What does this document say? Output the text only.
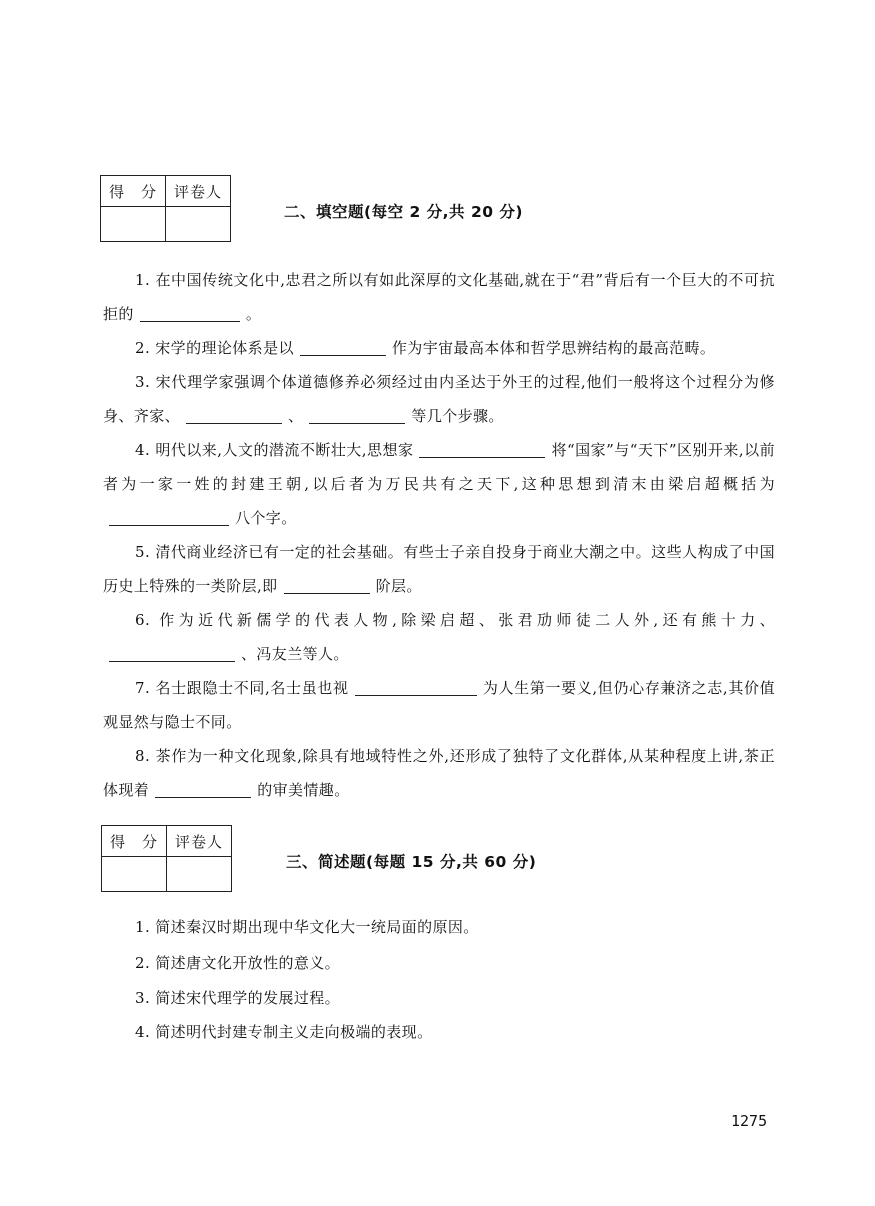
得　分	评卷人

二、填空题(每空 2 分,共 20 分)
1. 在中国传统文化中,忠君之所以有如此深厚的文化基础,就在于“君”背后有一个巨大的不可抗拒的	。
2. 宋学的理论体系是以	作为宇宙最高本体和哲学思辨结构的最高范畴。
3. 宋代理学家强调个体道德修养必须经过由内圣达于外王的过程,他们一般将这个过程分为修身、齐家、	、	等几个步骤。
4. 明代以来,人文的潜流不断壮大,思想家	将“国家”与“天下”区别开来,以前者为一家一姓的封建王朝,以后者为万民共有之天下,这种思想到清末由梁启超概括为八个字。
5. 清代商业经济已有一定的社会基础。有些士子亲自投身于商业大潮之中。这些人构成了中国历史上特殊的一类阶层,即	阶层。
6. 作为近代新儒学的代表人物,除梁启超、张君劢师徒二人外,还有熊十力、、冯友兰等人。
7. 名士跟隐士不同,名士虽也视	为人生第一要义,但仍心存兼济之志,其价值观显然与隐士不同。
8. 茶作为一种文化现象,除具有地域特性之外,还形成了独特了文化群体,从某种程度上讲,茶正体现着	的审美情趣。
得　分	评卷人

三、简述题(每题 15 分,共 60 分)
1. 简述秦汉时期出现中华文化大一统局面的原因。
2. 简述唐文化开放性的意义。
3. 简述宋代理学的发展过程。
4. 简述明代封建专制主义走向极端的表现。
1275
